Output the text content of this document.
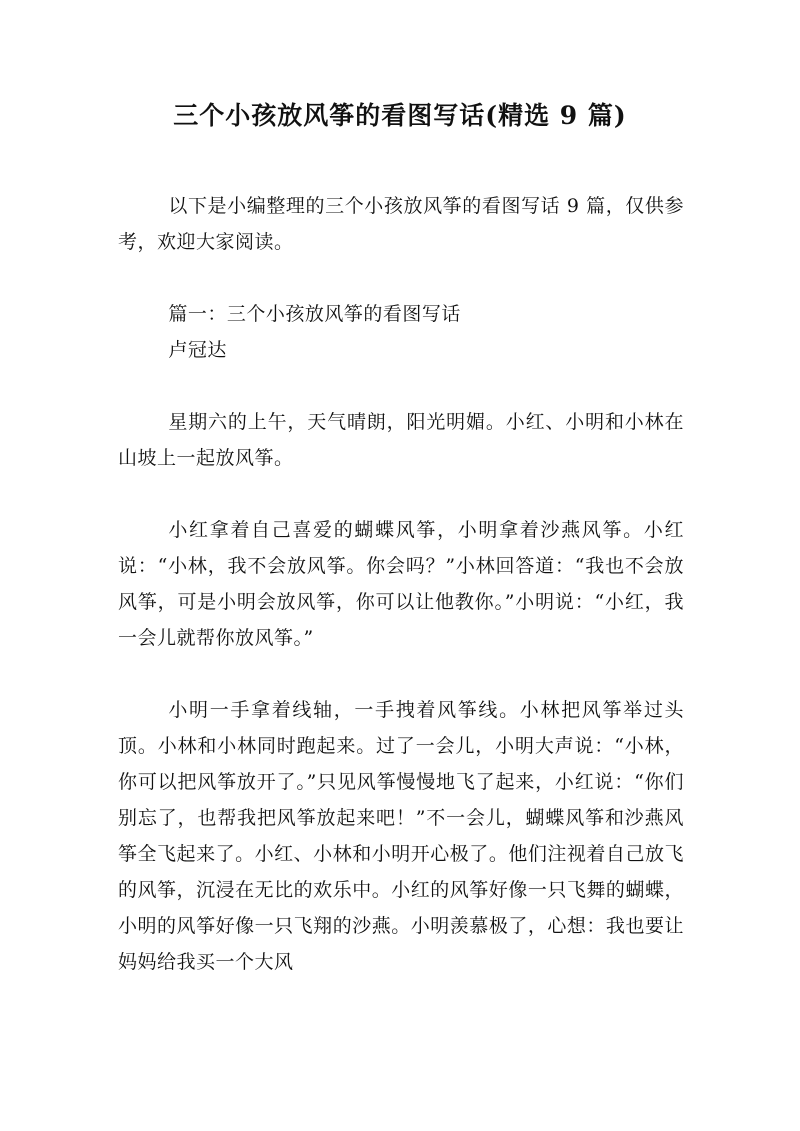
三个小孩放风筝的看图写话(精选 9 篇)

以下是小编整理的三个小孩放风筝的看图写话 9 篇，仅供参考，欢迎大家阅读。

篇一：三个小孩放风筝的看图写话

卢冠达

星期六的上午，天气晴朗，阳光明媚。小红、小明和小林在山坡上一起放风筝。

小红拿着自己喜爱的蝴蝶风筝，小明拿着沙燕风筝。小红说：“小林，我不会放风筝。你会吗？”小林回答道：“我也不会放风筝，可是小明会放风筝，你可以让他教你。”小明说：“小红，我一会儿就帮你放风筝。”

小明一手拿着线轴，一手拽着风筝线。小林把风筝举过头顶。小林和小林同时跑起来。过了一会儿，小明大声说：“小林，你可以把风筝放开了。”只见风筝慢慢地飞了起来，小红说：“你们别忘了，也帮我把风筝放起来吧！”不一会儿，蝴蝶风筝和沙燕风筝全飞起来了。小红、小林和小明开心极了。他们注视着自己放飞的风筝，沉浸在无比的欢乐中。小红的风筝好像一只飞舞的蝴蝶，小明的风筝好像一只飞翔的沙燕。小明羡慕极了，心想：我也要让妈妈给我买一个大风
